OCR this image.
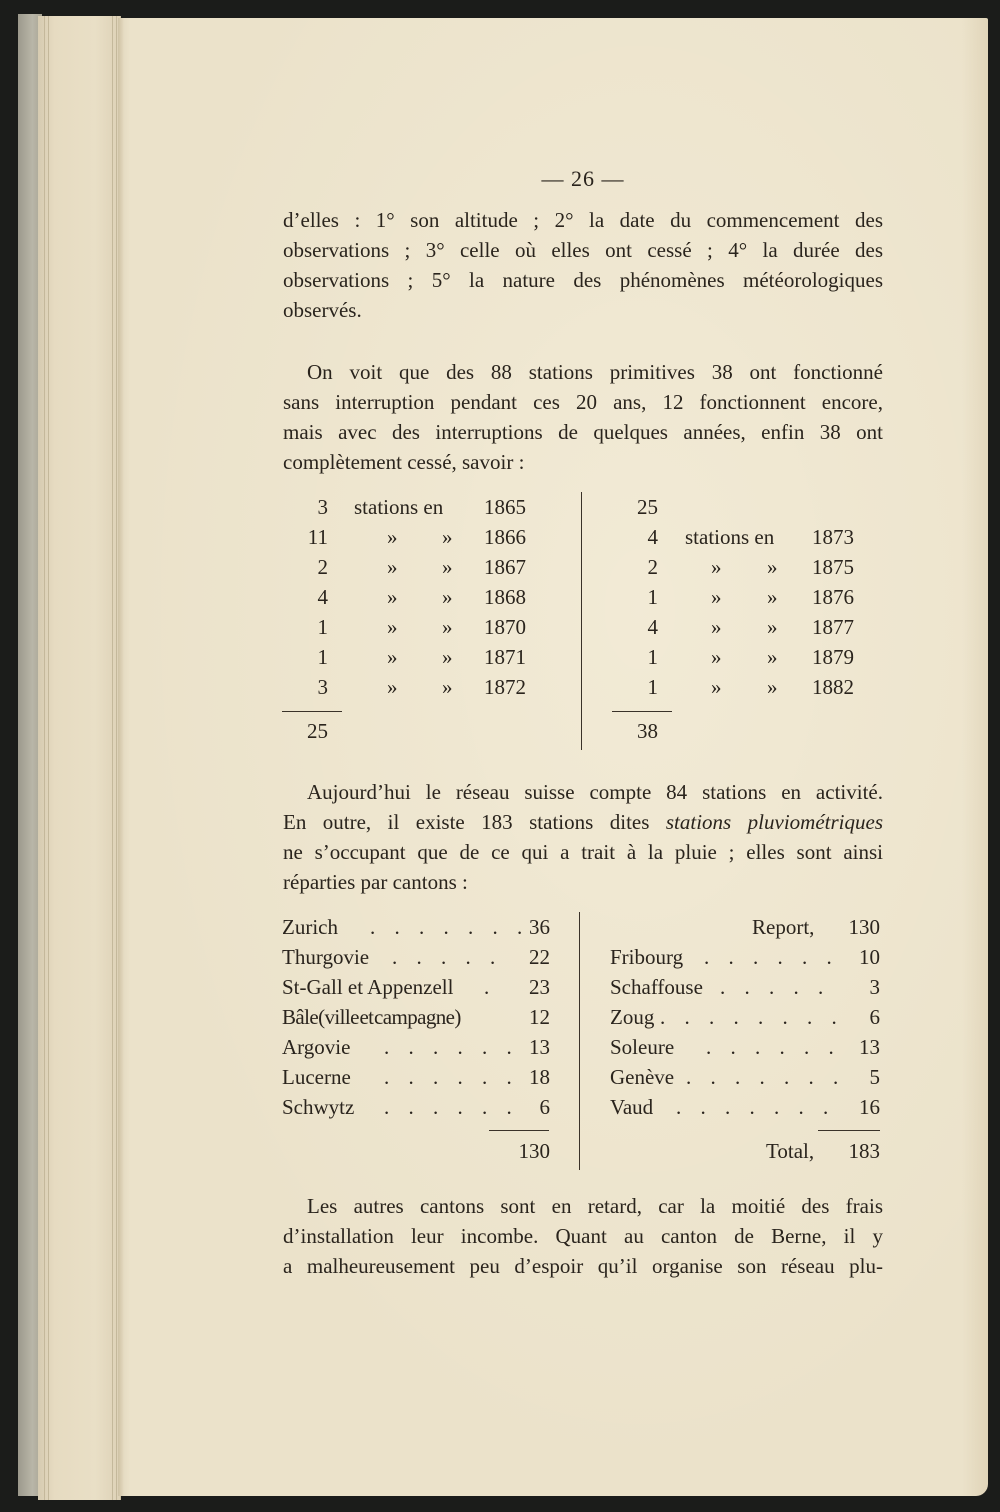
— 26 —
d’elles : 1° son altitude ; 2° la date du commencement des
observations ; 3° celle où elles ont cessé ; 4° la durée des
observations ; 5° la nature des phénomènes météorologiques
observés.
On voit que des 88 stations primitives 38 ont fonctionné
sans interruption pendant ces 20 ans, 12 fonctionnent encore,
mais avec des interruptions de quelques années, enfin 38 ont
complètement cessé, savoir :
3 stations en 1865
11	» » 1866
2	» » 1867
4	» » 1868
1	» » 1870
1	» » 1871
3	» » 1872
25
25
4 stations en 1873
2	» » 1875
1	» » 1876
4	» » 1877
1	» » 1879
1	» » 1882
38
Aujourd’hui le réseau suisse compte 84 stations en activité.
En outre, il existe 183 stations dites stations pluviométriques
ne s’occupant que de ce qui a trait à la pluie ; elles sont ainsi
réparties par cantons :
Zurich . . . . . . . 36
Thurgovie . . . . .	22
St-Gall et Appenzell .	23
Bâle(ville et campagne)	12
Argovie . . . . . . 13
Lucerne . . . . . . 18
Schwytz . . . . . . 6
130
Report,	130
Fribourg . . . . . . 10
Schaffouse . . . . .	3
Zoug . . . . . . . .	6
Soleure . . . . . . 13
Genève . . . . . . .	5
Vaud . . . . . . .	16
Total,	183
Les autres cantons sont en retard, car la moitié des frais
d’installation leur incombe. Quant au canton de Berne, il y
a malheureusement peu d’espoir qu’il organise son réseau plu-
